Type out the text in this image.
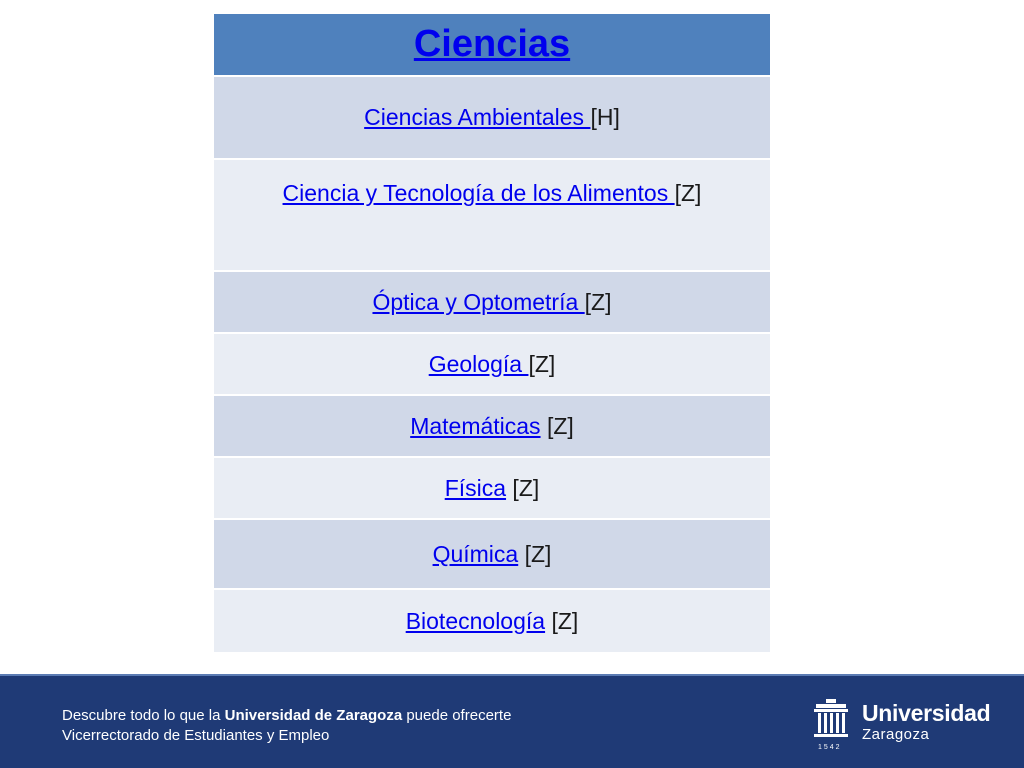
Ciencias
Ciencias Ambientales [H]
Ciencia y Tecnología de los Alimentos [Z]
Óptica y Optometría [Z]
Geología [Z]
Matemáticas [Z]
Física [Z]
Química [Z]
Biotecnología [Z]
Descubre todo lo que la Universidad de Zaragoza puede ofrecerte
Vicerrectorado de Estudiantes y Empleo
Universidad
Zaragoza
1542
